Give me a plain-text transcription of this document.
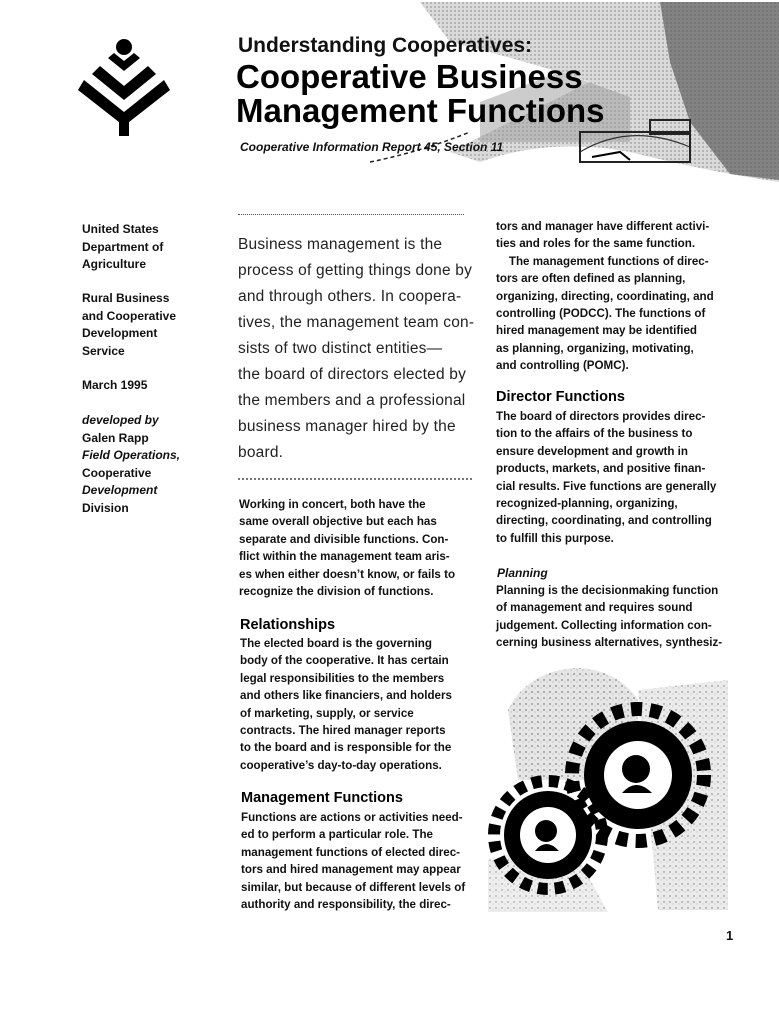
Understanding Cooperatives:
Cooperative Business
Management Functions
Cooperative Information Report 45, Section 11
United States
Department of
Agriculture
Rural Business
and Cooperative
Development
Service
March 1995
developed by
Galen Rapp
Field Operations,
Cooperative
Development
Division
Business management is the
process of getting things done by
and through others. In coopera-
tives, the management team con-
sists of two distinct entities—
the board of directors elected by
the members and a professional
business manager hired by the
board.
Working in concert, both have the
same overall objective but each has
separate and divisible functions. Con-
flict within the management team aris-
es when either doesn’t know, or fails to
recognize the division of functions.
Relationships
The elected board is the governing
body of the cooperative. It has certain
legal responsibilities to the members
and others like financiers, and holders
of marketing, supply, or service
contracts. The hired manager reports
to the board and is responsible for the
cooperative’s day-to-day operations.
Management Functions
Functions are actions or activities need-
ed to perform a particular role. The
management functions of elected direc-
tors and hired management may appear
similar, but because of different levels of
authority and responsibility, the direc-
tors and manager have different activi-
ties and roles for the same function.
The management functions of direc-
tors are often defined as planning,
organizing, directing, coordinating, and
controlling (PODCC). The functions of
hired management may be identified
as planning, organizing, motivating,
and controlling (POMC).
Director Functions
The board of directors provides direc-
tion to the affairs of the business to
ensure development and growth in
products, markets, and positive finan-
cial results. Five functions are generally
recognized-planning, organizing,
directing, coordinating, and controlling
to fulfill this purpose.
Planning
Planning is the decisionmaking function
of management and requires sound
judgement. Collecting information con-
cerning business alternatives, synthesiz-
1
